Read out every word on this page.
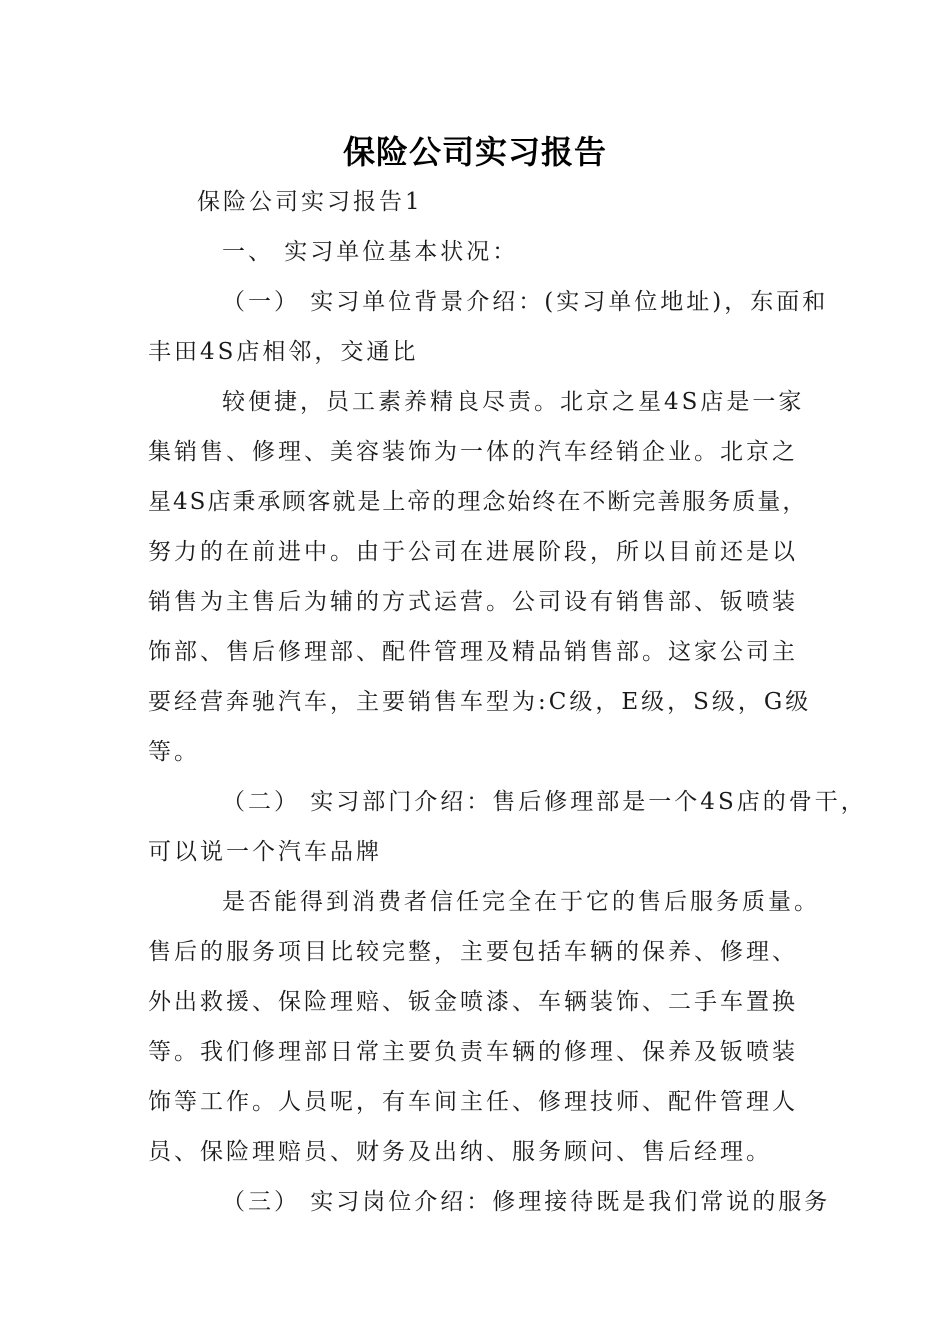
保险公司实习报告
保险公司实习报告1
一、 实习单位基本状况：
（一） 实习单位背景介绍：(实习单位地址)，东面和
丰田4S店相邻，交通比
较便捷，员工素养精良尽责。北京之星4S店是一家
集销售、修理、美容装饰为一体的汽车经销企业。北京之
星4S店秉承顾客就是上帝的理念始终在不断完善服务质量，
努力的在前进中。由于公司在进展阶段，所以目前还是以
销售为主售后为辅的方式运营。公司设有销售部、钣喷装
饰部、售后修理部、配件管理及精品销售部。这家公司主
要经营奔驰汽车，主要销售车型为:C级，E级，S级，G级
等。
（二） 实习部门介绍：售后修理部是一个4S店的骨干，
可以说一个汽车品牌
是否能得到消费者信任完全在于它的售后服务质量。
售后的服务项目比较完整，主要包括车辆的保养、修理、
外出救援、保险理赔、钣金喷漆、车辆装饰、二手车置换
等。我们修理部日常主要负责车辆的修理、保养及钣喷装
饰等工作。人员呢，有车间主任、修理技师、配件管理人
员、保险理赔员、财务及出纳、服务顾问、售后经理。
（三） 实习岗位介绍：修理接待既是我们常说的服务
